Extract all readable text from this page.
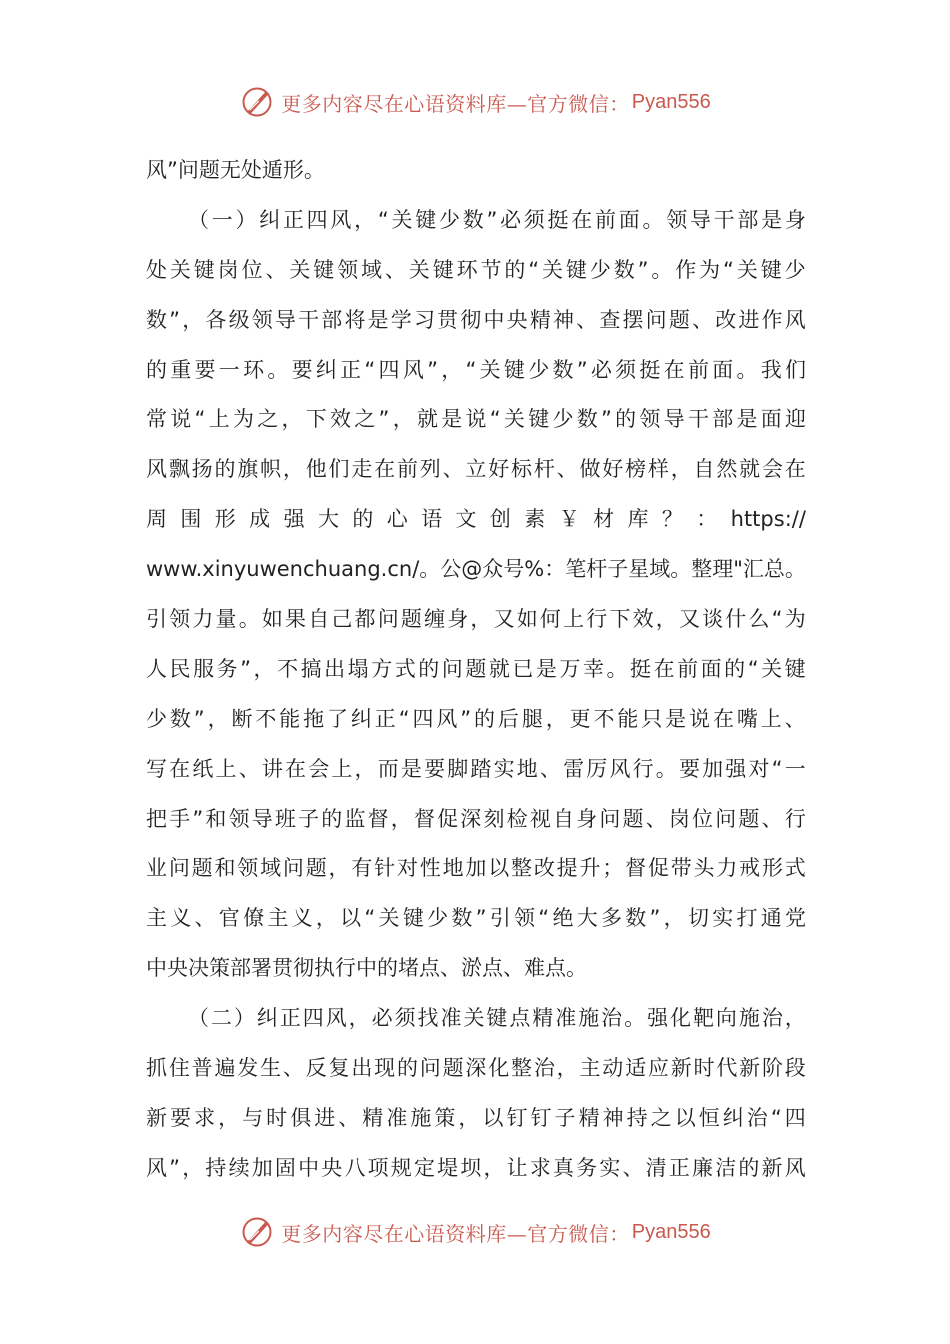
更多内容尽在心语资料库—官方微信： Pyan556
风”问题无处遁形。
（ 一 ） 纠 正 四 风 ， “ 关 键 少 数 ” 必 须 挺 在 前 面 。 领 导 干 部 是 身
处 关 键 岗 位 、 关 键 领 域 、 关 键 环 节 的 “ 关 键 少 数 ” 。 作 为 “ 关 键 少
数 ” ， 各 级 领 导 干 部 将 是 学 习 贯 彻 中 央 精 神 、 查 摆 问 题 、 改 进 作 风
的 重 要 一 环 。 要 纠 正 “ 四 风 ” ， “ 关 键 少 数 ” 必 须 挺 在 前 面 。 我 们
常 说 “ 上 为 之 ， 下 效 之 ” ， 就 是 说 “ 关 键 少 数 ” 的 领 导 干 部 是 面 迎
风 飘 扬 的 旗 帜 ， 他 们 走 在 前 列 、 立 好 标 杆 、 做 好 榜 样 ， 自 然 就 会 在
周 围 形 成 强 大 的 心 语 文 创 素 ￥ 材 库 ？ ： https://
www.xinyuwenchuang.cn/ 。 公 @ 众 号 % ： 笔 杆 子 星 域 。 整 理 " 汇 总 。
引 领 力 量 。 如 果 自 己 都 问 题 缠 身 ， 又 如 何 上 行 下 效 ， 又 谈 什 么 “ 为
人 民 服 务 ” ， 不 搞 出 塌 方 式 的 问 题 就 已 是 万 幸 。 挺 在 前 面 的 “ 关 键
少 数 ” ， 断 不 能 拖 了 纠 正 “ 四 风 ” 的 后 腿 ， 更 不 能 只 是 说 在 嘴 上 、
写 在 纸 上 、 讲 在 会 上 ， 而 是 要 脚 踏 实 地 、 雷 厉 风 行 。 要 加 强 对 “ 一
把 手 ” 和 领 导 班 子 的 监 督 ， 督 促 深 刻 检 视 自 身 问 题 、 岗 位 问 题 、 行
业 问 题 和 领 域 问 题 ， 有 针 对 性 地 加 以 整 改 提 升 ； 督 促 带 头 力 戒 形 式
主 义 、 官 僚 主 义 ， 以 “ 关 键 少 数 ” 引 领 “ 绝 大 多 数 ” ， 切 实 打 通 党
中央决策部署贯彻执行中的堵点、淤点、难点。
（ 二 ） 纠 正 四 风 ， 必 须 找 准 关 键 点 精 准 施 治 。 强 化 靶 向 施 治 ，
抓 住 普 遍 发 生 、 反 复 出 现 的 问 题 深 化 整 治 ， 主 动 适 应 新 时 代 新 阶 段
新 要 求 ， 与 时 俱 进 、 精 准 施 策 ， 以 钉 钉 子 精 神 持 之 以 恒 纠 治 “ 四
风 ” ， 持 续 加 固 中 央 八 项 规 定 堤 坝 ， 让 求 真 务 实 、 清 正 廉 洁 的 新 风
更多内容尽在心语资料库—官方微信： Pyan556
